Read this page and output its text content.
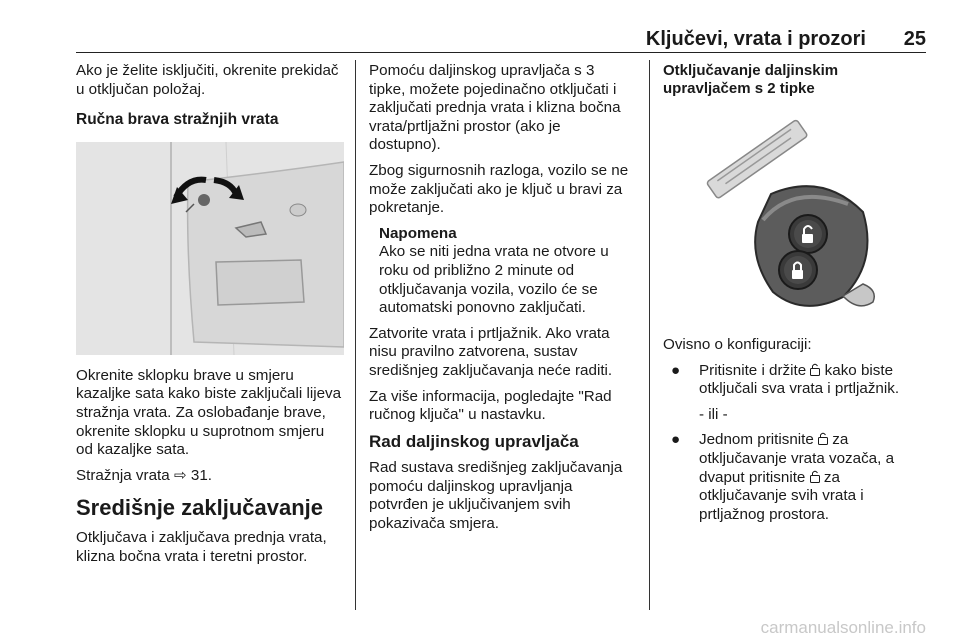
Ključevi, vrata i prozori 25

Ako je želite isključiti, okrenite prekidač u otključan položaj.

Ručna brava stražnjih vrata

Okrenite sklopku brave u smjeru kazaljke sata kako biste zaključali lijeva stražnja vrata. Za oslobađanje brave, okrenite sklopku u suprotnom smjeru od kazaljke sata.

Stražnja vrata ⇨ 31.

Središnje zaključavanje

Otključava i zaključava prednja vrata, klizna bočna vrata i teretni prostor.

Pomoću daljinskog upravljača s 3 tipke, možete pojedinačno otključati i zaključati prednja vrata i klizna bočna vrata/prtljažni prostor (ako je dostupno).

Zbog sigurnosnih razloga, vozilo se ne može zaključati ako je ključ u bravi za pokretanje.

Napomena
Ako se niti jedna vrata ne otvore u roku od približno 2 minute od otključavanja vozila, vozilo će se automatski ponovno zaključati.

Zatvorite vrata i prtljažnik. Ako vrata nisu pravilno zatvorena, sustav središnjeg zaključavanja neće raditi.

Za više informacija, pogledajte "Rad ručnog ključa" u nastavku.

Rad daljinskog upravljača

Rad sustava središnjeg zaključavanja pomoću daljinskog upravljanja potvrđen je uključivanjem svih pokazivača smjera.

Otključavanje daljinskim upravljačem s 2 tipke

Ovisno o konfiguraciji:

● Pritisnite i držite kako biste otključali sva vrata i prtljažnik.
- ili -
● Jednom pritisnite za otključavanje vrata vozača, a dvaput pritisnite za otključavanje svih vrata i prtljažnog prostora.
carmanualsonline.info
